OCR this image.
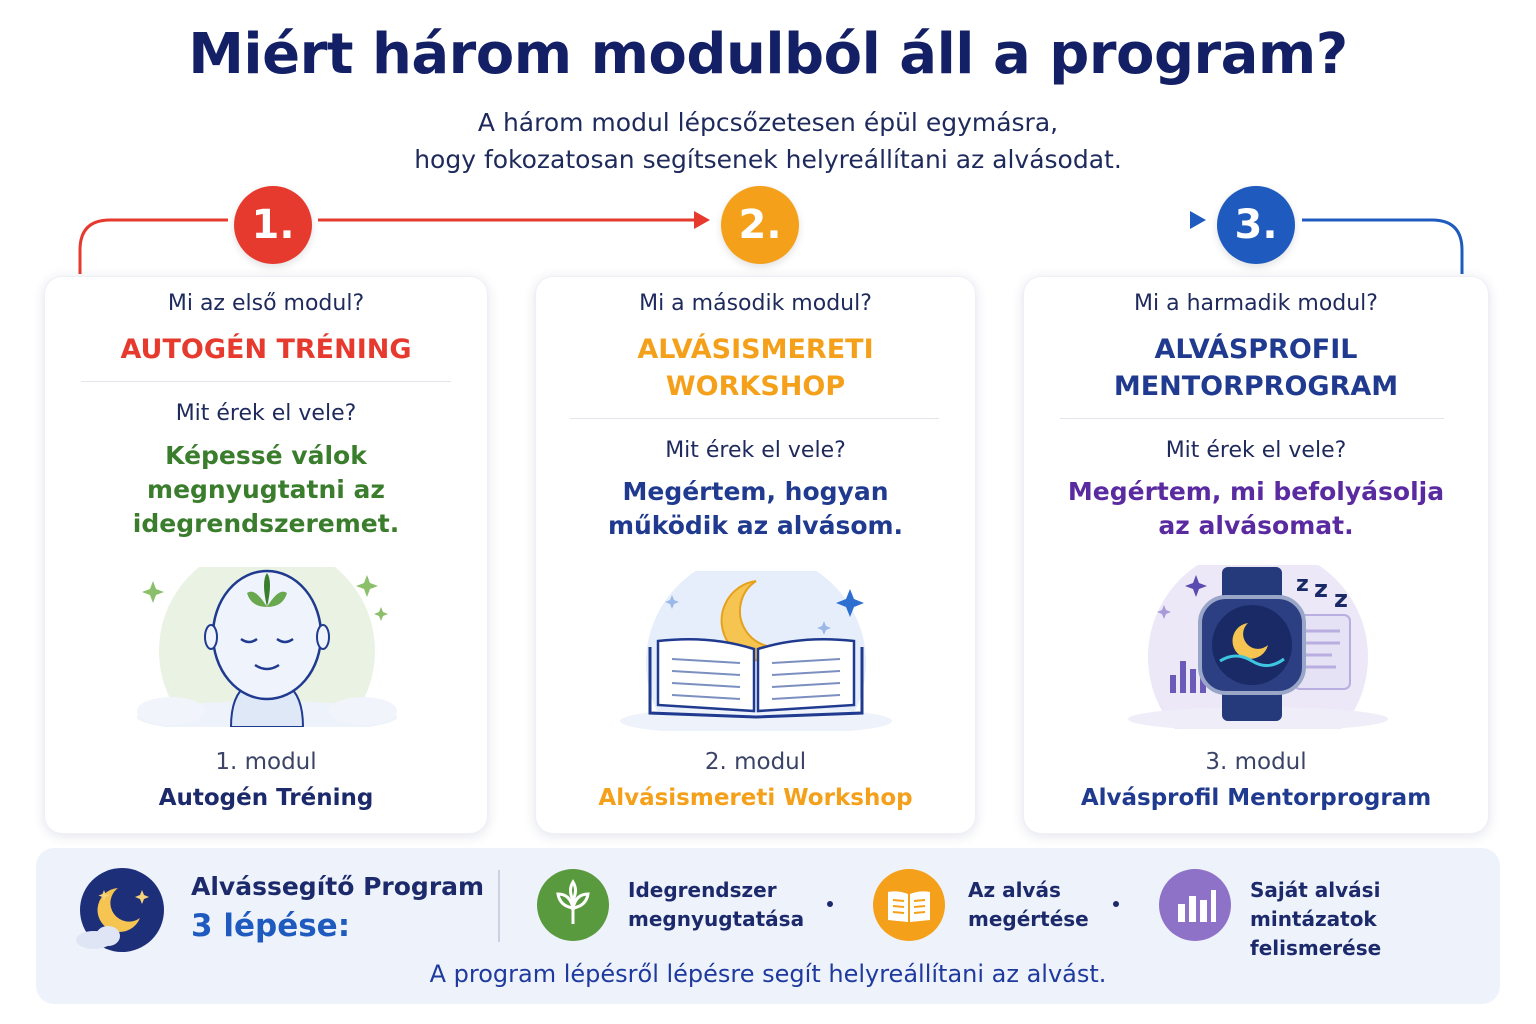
Miért három modulból áll a program?
A három modul lépcsőzetesen épül egymásra,
hogy fokozatosan segítsenek helyreállítani az alvásodat.
1.	2.	3.
Mi az első modul?
AUTOGÉN TRÉNING
Mit érek el vele?
Képessé válok
megnyugtatni az
idegrendszeremet.
1. modul
Autogén Tréning
Mi a második modul?
ALVÁSISMERETI
WORKSHOP
Mit érek el vele?
Megértem, hogyan
működik az alvásom.
2. modul
Alvásismereti Workshop
Mi a harmadik modul?
ALVÁSPROFIL
MENTORPROGRAM
Mit érek el vele?
Megértem, mi befolyásolja
az alvásomat.
z z z
3. modul
Alvásprofil Mentorprogram
Alvássegítő Program
3 lépése:
Idegrendszer
megnyugtatása
Az alvás
megértése
Saját alvási
mintázatok felismerése
A program lépésről lépésre segít helyreállítani az alvást.
